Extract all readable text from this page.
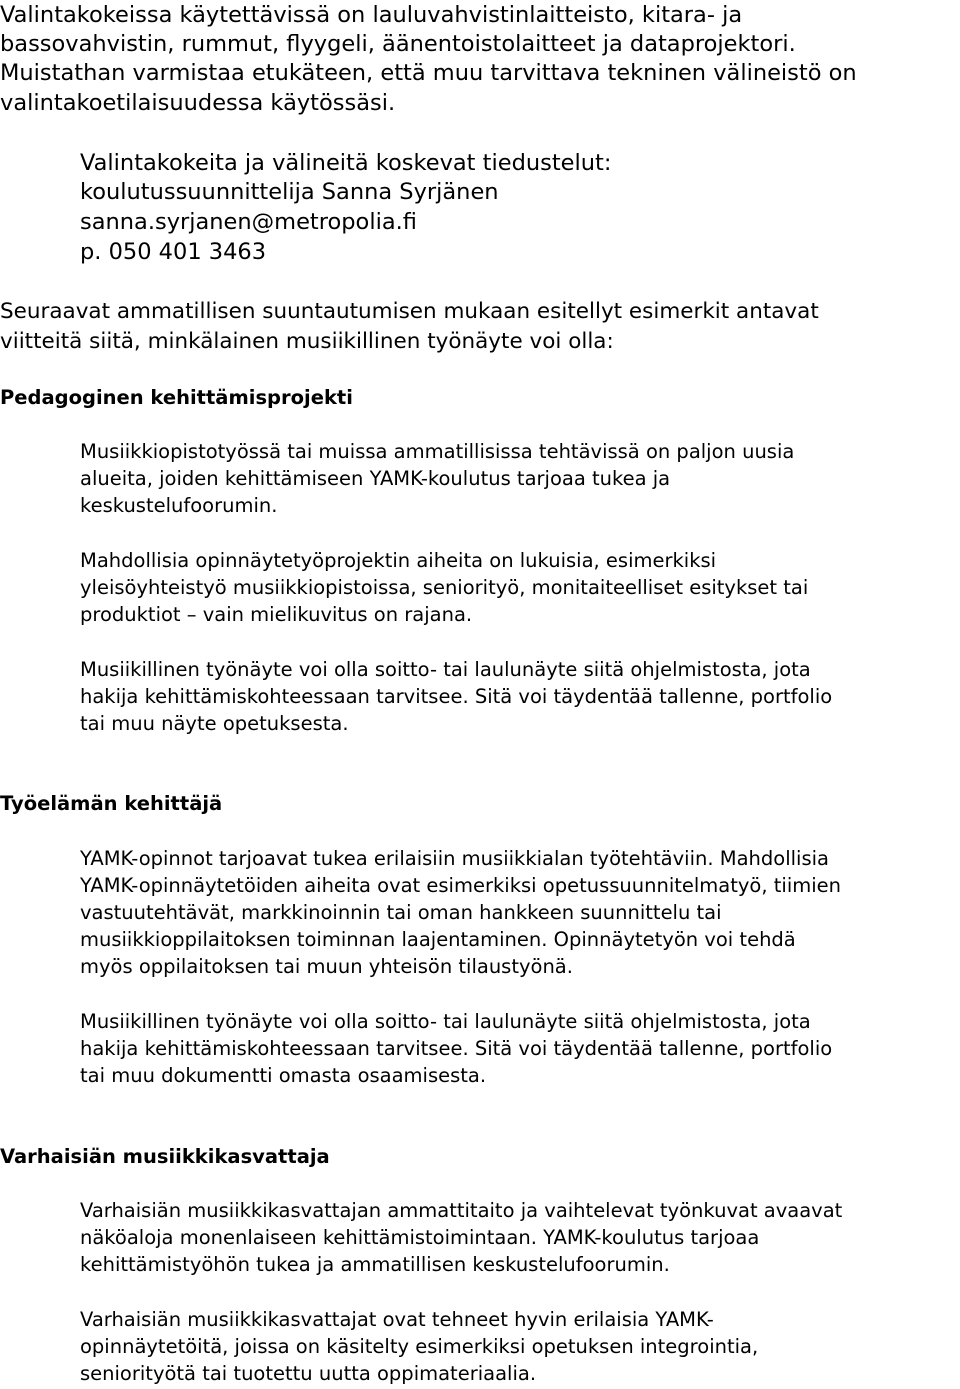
Valintakokeissa käytettävissä on lauluvahvistinlaitteisto, kitara- ja

bassovahvistin, rummut, flyygeli, äänentoistolaitteet ja dataprojektori.

Muistathan varmistaa etukäteen, että muu tarvittava tekninen välineistö on

valintakoetilaisuudessa käytössäsi.

Valintakokeita ja välineitä koskevat tiedustelut:

koulutussuunnittelija Sanna Syrjänen

sanna.syrjanen@metropolia.fi

p. 050 401 3463

Seuraavat ammatillisen suuntautumisen mukaan esitellyt esimerkit antavat

viitteitä siitä, minkälainen musiikillinen työnäyte voi olla:

Pedagoginen kehittämisprojekti

Musiikkiopistotyössä tai muissa ammatillisissa tehtävissä on paljon uusia

alueita, joiden kehittämiseen YAMK-koulutus tarjoaa tukea ja

keskustelufoorumin.

Mahdollisia opinnäytetyöprojektin aiheita on lukuisia, esimerkiksi

yleisöyhteistyö musiikkiopistoissa, seniorityö, monitaiteelliset esitykset tai

produktiot – vain mielikuvitus on rajana.

Musiikillinen työnäyte voi olla soitto- tai laulunäyte siitä ohjelmistosta, jota

hakija kehittämiskohteessaan tarvitsee. Sitä voi täydentää tallenne, portfolio

tai muu näyte opetuksesta.

Työelämän kehittäjä

YAMK-opinnot tarjoavat tukea erilaisiin musiikkialan työtehtäviin. Mahdollisia

YAMK-opinnäytetöiden aiheita ovat esimerkiksi opetussuunnitelmatyö, tiimien

vastuutehtävät, markkinoinnin tai oman hankkeen suunnittelu tai

musiikkioppilaitoksen toiminnan laajentaminen. Opinnäytetyön voi tehdä

myös oppilaitoksen tai muun yhteisön tilaustyönä.

Musiikillinen työnäyte voi olla soitto- tai laulunäyte siitä ohjelmistosta, jota

hakija kehittämiskohteessaan tarvitsee. Sitä voi täydentää tallenne, portfolio

tai muu dokumentti omasta osaamisesta.

Varhaisiän musiikkikasvattaja

Varhaisiän musiikkikasvattajan ammattitaito ja vaihtelevat työnkuvat avaavat

näköaloja monenlaiseen kehittämistoimintaan. YAMK-koulutus tarjoaa

kehittämistyöhön tukea ja ammatillisen keskustelufoorumin.

Varhaisiän musiikkikasvattajat ovat tehneet hyvin erilaisia YAMK-

opinnäytetöitä, joissa on käsitelty esimerkiksi opetuksen integrointia,

seniorityötä tai tuotettu uutta oppimateriaalia.
